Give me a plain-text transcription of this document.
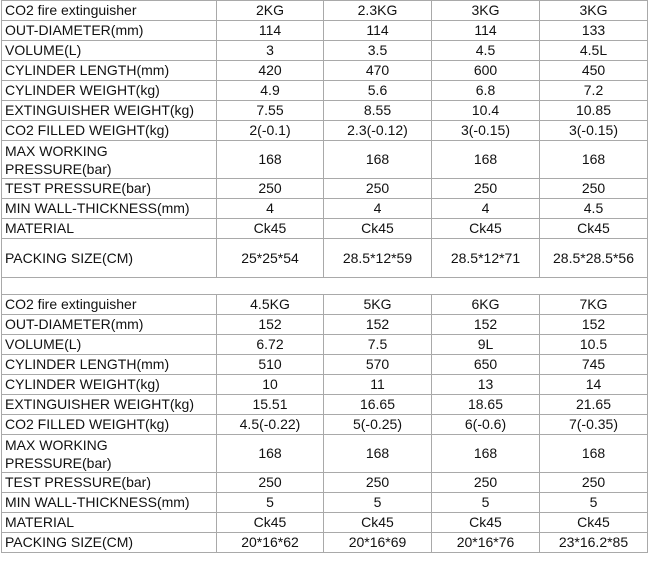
CO2 fire extinguisher	2KG	2.3KG	3KG	3KG
OUT-DIAMETER(mm)	114	114	114	133
VOLUME(L)	3	3.5	4.5	4.5L
CYLINDER LENGTH(mm)	420	470	600	450
CYLINDER WEIGHT(kg)	4.9	5.6	6.8	7.2
EXTINGUISHER WEIGHT(kg)	7.55	8.55	10.4	10.85
CO2 FILLED WEIGHT(kg)	2(-0.1)	2.3(-0.12)	3(-0.15)	3(-0.15)
MAX WORKING PRESSURE(bar)	168	168	168	168
TEST PRESSURE(bar)	250	250	250	250
MIN WALL-THICKNESS(mm)	4	4	4	4.5
MATERIAL	Ck45	Ck45	Ck45	Ck45
PACKING SIZE(CM)	25*25*54	28.5*12*59	28.5*12*71	28.5*28.5*56

CO2 fire extinguisher	4.5KG	5KG	6KG	7KG
OUT-DIAMETER(mm)	152	152	152	152
VOLUME(L)	6.72	7.5	9L	10.5
CYLINDER LENGTH(mm)	510	570	650	745
CYLINDER WEIGHT(kg)	10	11	13	14
EXTINGUISHER WEIGHT(kg)	15.51	16.65	18.65	21.65
CO2 FILLED WEIGHT(kg)	4.5(-0.22)	5(-0.25)	6(-0.6)	7(-0.35)
MAX WORKING PRESSURE(bar)	168	168	168	168
TEST PRESSURE(bar)	250	250	250	250
MIN WALL-THICKNESS(mm)	5	5	5	5
MATERIAL	Ck45	Ck45	Ck45	Ck45
PACKING SIZE(CM)	20*16*62	20*16*69	20*16*76	23*16.2*85
